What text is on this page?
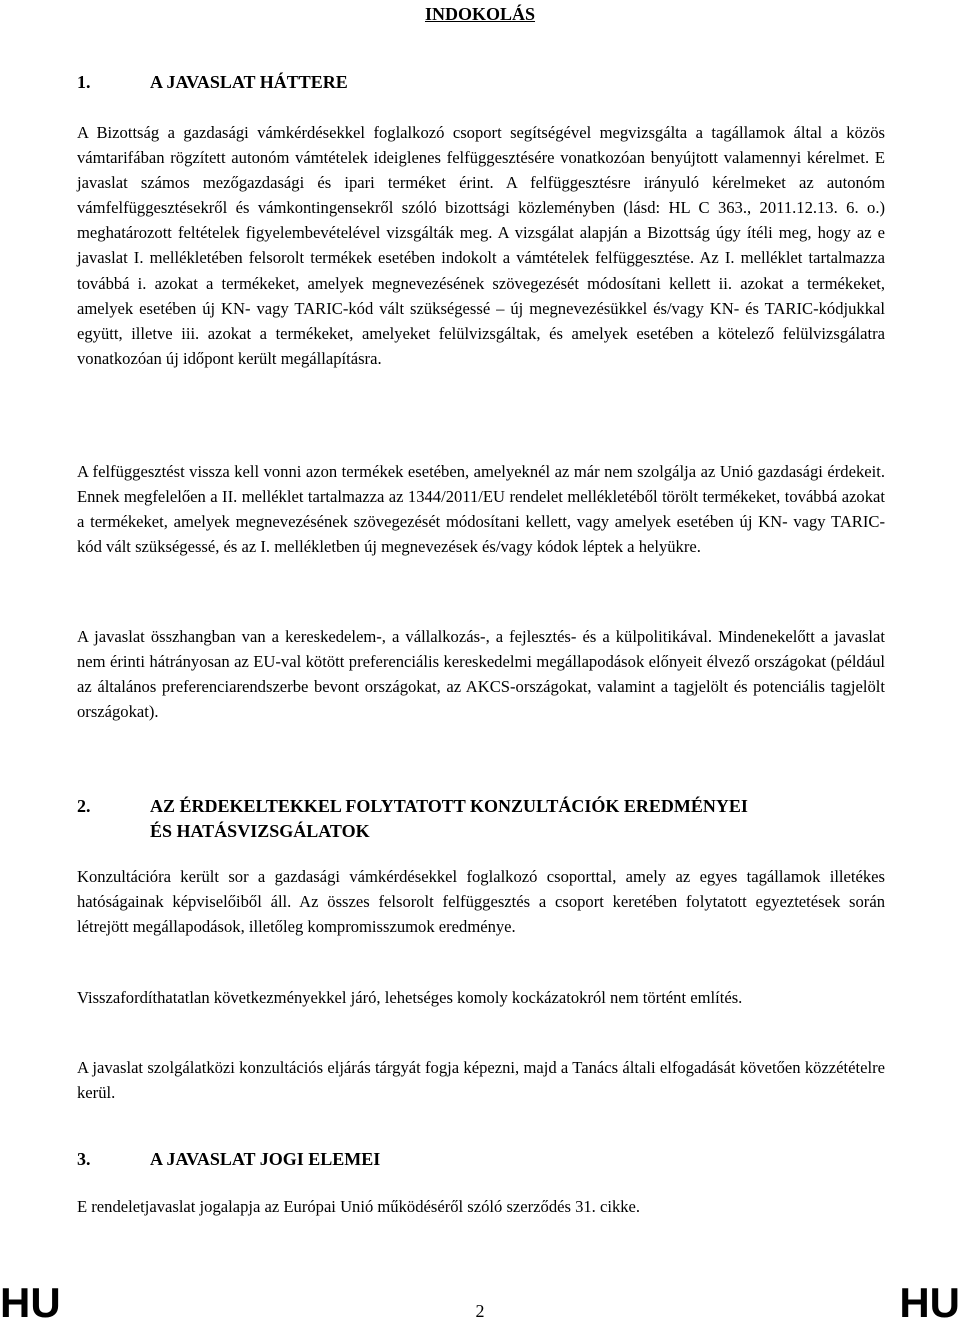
INDOKOLÁS
1.	A JAVASLAT HÁTTERE

A Bizottság a gazdasági vámkérdésekkel foglalkozó csoport segítségével megvizsgálta a tagállamok által a közös vámtarifában rögzített autonóm vámtételek ideiglenes felfüggesztésére vonatkozóan benyújtott valamennyi kérelmet. E javaslat számos mezőgazdasági és ipari terméket érint. A felfüggesztésre irányuló kérelmeket az autonóm vámfelfüggesztésekről és vámkontingensekről szóló bizottsági közleményben (lásd: HL C 363., 2011.12.13. 6. o.) meghatározott feltételek figyelembevételével vizsgálták meg. A vizsgálat alapján a Bizottság úgy ítéli meg, hogy az e javaslat I. mellékletében felsorolt termékek esetében indokolt a vámtételek felfüggesztése. Az I. melléklet tartalmazza továbbá i. azokat a termékeket, amelyek megnevezésének szövegezését módosítani kellett ii. azokat a termékeket, amelyek esetében új KN- vagy TARIC-kód vált szükségessé – új megnevezésükkel és/vagy KN- és TARIC-kódjukkal együtt, illetve iii. azokat a termékeket, amelyeket felülvizsgáltak, és amelyek esetében a kötelező felülvizsgálatra vonatkozóan új időpont került megállapításra.

A felfüggesztést vissza kell vonni azon termékek esetében, amelyeknél az már nem szolgálja az Unió gazdasági érdekeit. Ennek megfelelően a II. melléklet tartalmazza az 1344/2011/EU rendelet mellékletéből törölt termékeket, továbbá azokat a termékeket, amelyek megnevezésének szövegezését módosítani kellett, vagy amelyek esetében új KN- vagy TARIC-kód vált szükségessé, és az I. mellékletben új megnevezések és/vagy kódok léptek a helyükre.

A javaslat összhangban van a kereskedelem-, a vállalkozás-, a fejlesztés- és a külpolitikával. Mindenekelőtt a javaslat nem érinti hátrányosan az EU-val kötött preferenciális kereskedelmi megállapodások előnyeit élvező országokat (például az általános preferenciarendszerbe bevont országokat, az AKCS-országokat, valamint a tagjelölt és potenciális tagjelölt országokat).

2.	AZ ÉRDEKELTEKKEL FOLYTATOTT KONZULTÁCIÓK EREDMÉNYEI
ÉS HATÁSVIZSGÁLATOK

Konzultációra került sor a gazdasági vámkérdésekkel foglalkozó csoporttal, amely az egyes tagállamok illetékes hatóságainak képviselőiből áll. Az összes felsorolt felfüggesztés a csoport keretében folytatott egyeztetések során létrejött megállapodások, illetőleg kompromisszumok eredménye.

Visszafordíthatatlan következményekkel járó, lehetséges komoly kockázatokról nem történt említés.

A javaslat szolgálatközi konzultációs eljárás tárgyát fogja képezni, majd a Tanács általi elfogadását követően közzétételre kerül.

3.	A JAVASLAT JOGI ELEMEI

E rendeletjavaslat jogalapja az Európai Unió működéséről szóló szerződés 31. cikke.

HU	2	HU
